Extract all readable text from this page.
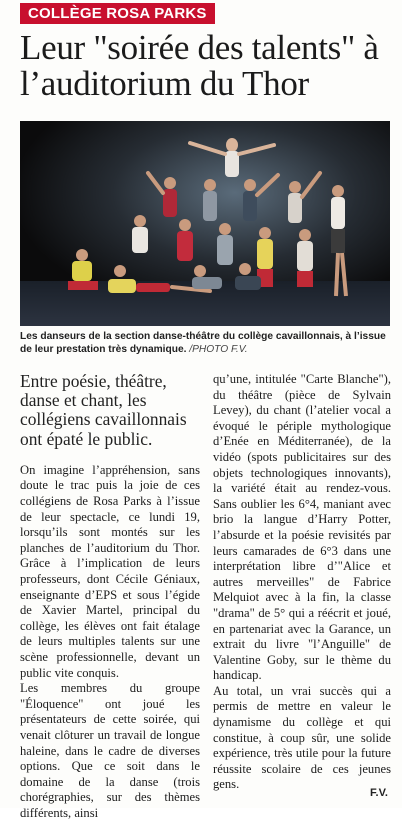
COLLÈGE ROSA PARKS
Leur "soirée des talents" à l’auditorium du Thor
Les danseurs de la section danse-théâtre du collège cavaillonnais, à l’issue de leur prestation très dynamique. /PHOTO F.V.

Entre poésie, théâtre, danse et chant, les collégiens cavaillonnais ont épaté le public.

On imagine l’appréhension, sans doute le trac puis la joie de ces collégiens de Rosa Parks à l’issue de leur spectacle, ce lundi 19, lorsqu’ils sont montés sur les planches de l’auditorium du Thor. Grâce à l’implication de leurs professeurs, dont Cécile Géniaux, enseignante d’EPS et sous l’égide de Xavier Martel, principal du collège, les élèves ont fait étalage de leurs multiples talents sur une scène professionnelle, devant un public vite conquis.

Les membres du groupe "Éloquence" ont joué les présentateurs de cette soirée, qui venait clôturer un travail de longue haleine, dans le cadre de diverses options. Que ce soit dans le domaine de la danse (trois chorégraphies, sur des thèmes différents, ainsi

qu’une, intitulée "Carte Blanche"), du théâtre (pièce de Sylvain Levey), du chant (l’atelier vocal a évoqué le périple mythologique d’Enée en Méditerranée), de la vidéo (spots publicitaires sur des objets technologiques innovants), la variété était au rendez-vous. Sans oublier les 6°4, maniant avec brio la langue d’Harry Potter, l’absurde et la poésie revisités par leurs camarades de 6°3 dans une interprétation libre d’"Alice et autres merveilles" de Fabrice Melquiot avec à la fin, la classe "drama" de 5° qui a réécrit et joué, en partenariat avec la Garance, un extrait du livre "l’Anguille" de Valentine Goby, sur le thème du handicap.

Au total, un vrai succès qui a permis de mettre en valeur le dynamisme du collège et qui constitue, à coup sûr, une solide expérience, très utile pour la future réussite scolaire de ces jeunes gens.

F.V.
